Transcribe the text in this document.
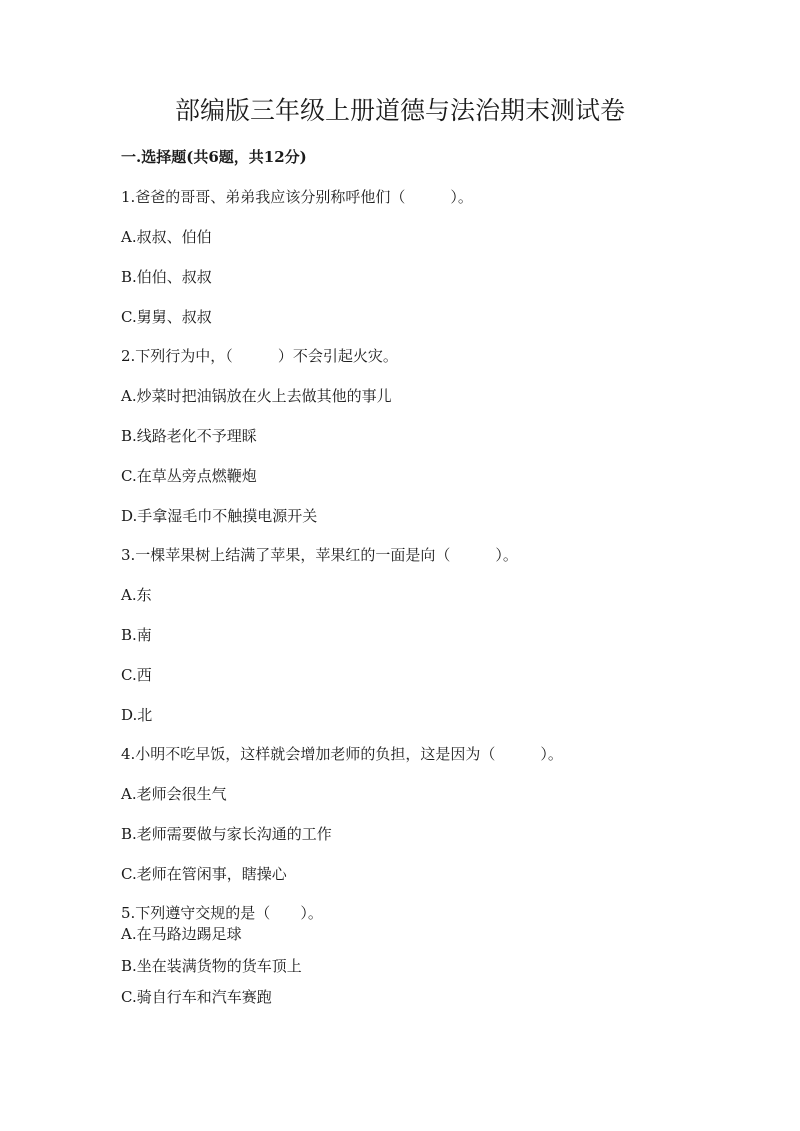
部编版三年级上册道德与法治期末测试卷
一.选择题(共6题，共12分)
1.爸爸的哥哥、弟弟我应该分别称呼他们（　　　）。
A.叔叔、伯伯
B.伯伯、叔叔
C.舅舅、叔叔
2.下列行为中，（　　　）不会引起火灾。
A.炒菜时把油锅放在火上去做其他的事儿
B.线路老化不予理睬
C.在草丛旁点燃鞭炮
D.手拿湿毛巾不触摸电源开关
3.一棵苹果树上结满了苹果，苹果红的一面是向（　　　）。
A.东
B.南
C.西
D.北
4.小明不吃早饭，这样就会增加老师的负担，这是因为（　　　）。
A.老师会很生气
B.老师需要做与家长沟通的工作
C.老师在管闲事，瞎操心
5.下列遵守交规的是（　　）。
A.在马路边踢足球
B.坐在装满货物的货车顶上
C.骑自行车和汽车赛跑
